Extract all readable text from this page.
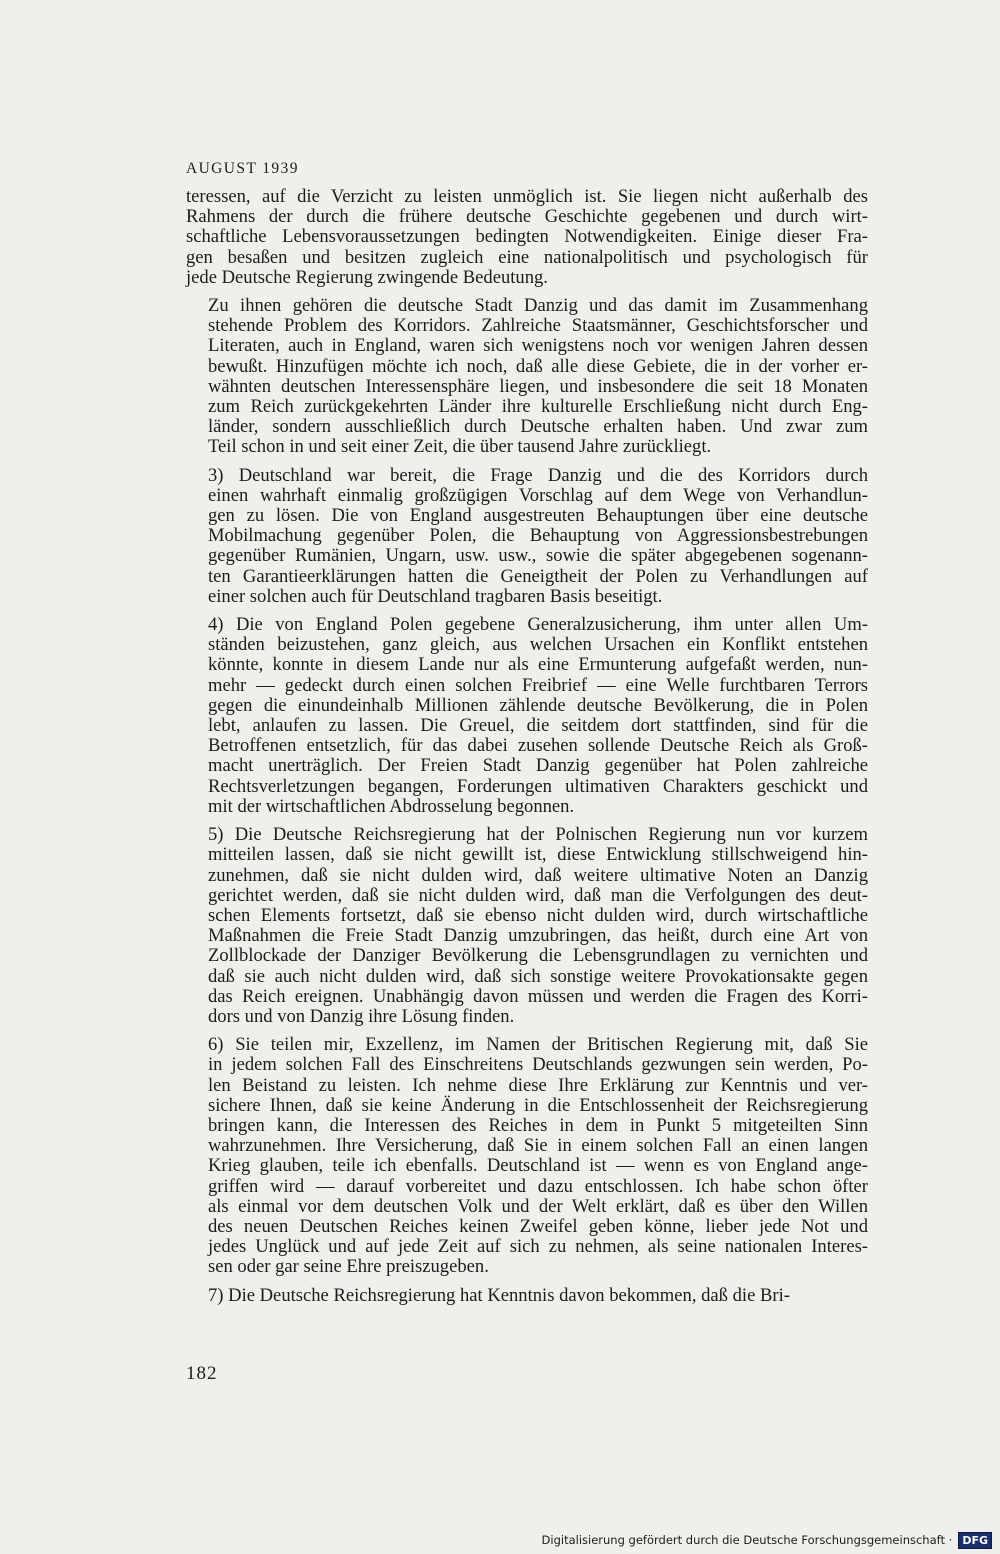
AUGUST 1939

teressen, auf die Verzicht zu leisten unmöglich ist. Sie liegen nicht außerhalb des
Rahmens der durch die frühere deutsche Geschichte gegebenen und durch wirt-
schaftliche Lebensvoraussetzungen bedingten Notwendigkeiten. Einige dieser Fra-
gen besaßen und besitzen zugleich eine nationalpolitisch und psychologisch für
jede Deutsche Regierung zwingende Bedeutung.

Zu ihnen gehören die deutsche Stadt Danzig und das damit im Zusammenhang
stehende Problem des Korridors. Zahlreiche Staatsmänner, Geschichtsforscher und
Literaten, auch in England, waren sich wenigstens noch vor wenigen Jahren dessen
bewußt. Hinzufügen möchte ich noch, daß alle diese Gebiete, die in der vorher er-
wähnten deutschen Interessensphäre liegen, und insbesondere die seit 18 Monaten
zum Reich zurückgekehrten Länder ihre kulturelle Erschließung nicht durch Eng-
länder, sondern ausschließlich durch Deutsche erhalten haben. Und zwar zum
Teil schon in und seit einer Zeit, die über tausend Jahre zurückliegt.

3) Deutschland war bereit, die Frage Danzig und die des Korridors durch
einen wahrhaft einmalig großzügigen Vorschlag auf dem Wege von Verhandlun-
gen zu lösen. Die von England ausgestreuten Behauptungen über eine deutsche
Mobilmachung gegenüber Polen, die Behauptung von Aggressionsbestrebungen
gegenüber Rumänien, Ungarn, usw. usw., sowie die später abgegebenen sogenann-
ten Garantieerklärungen hatten die Geneigtheit der Polen zu Verhandlungen auf
einer solchen auch für Deutschland tragbaren Basis beseitigt.

4) Die von England Polen gegebene Generalzusicherung, ihm unter allen Um-
ständen beizustehen, ganz gleich, aus welchen Ursachen ein Konflikt entstehen
könnte, konnte in diesem Lande nur als eine Ermunterung aufgefaßt werden, nun-
mehr — gedeckt durch einen solchen Freibrief — eine Welle furchtbaren Terrors
gegen die einundeinhalb Millionen zählende deutsche Bevölkerung, die in Polen
lebt, anlaufen zu lassen. Die Greuel, die seitdem dort stattfinden, sind für die
Betroffenen entsetzlich, für das dabei zusehen sollende Deutsche Reich als Groß-
macht unerträglich. Der Freien Stadt Danzig gegenüber hat Polen zahlreiche
Rechtsverletzungen begangen, Forderungen ultimativen Charakters geschickt und
mit der wirtschaftlichen Abdrosselung begonnen.

5) Die Deutsche Reichsregierung hat der Polnischen Regierung nun vor kurzem
mitteilen lassen, daß sie nicht gewillt ist, diese Entwicklung stillschweigend hin-
zunehmen, daß sie nicht dulden wird, daß weitere ultimative Noten an Danzig
gerichtet werden, daß sie nicht dulden wird, daß man die Verfolgungen des deut-
schen Elements fortsetzt, daß sie ebenso nicht dulden wird, durch wirtschaftliche
Maßnahmen die Freie Stadt Danzig umzubringen, das heißt, durch eine Art von
Zollblockade der Danziger Bevölkerung die Lebensgrundlagen zu vernichten und
daß sie auch nicht dulden wird, daß sich sonstige weitere Provokationsakte gegen
das Reich ereignen. Unabhängig davon müssen und werden die Fragen des Korri-
dors und von Danzig ihre Lösung finden.

6) Sie teilen mir, Exzellenz, im Namen der Britischen Regierung mit, daß Sie
in jedem solchen Fall des Einschreitens Deutschlands gezwungen sein werden, Po-
len Beistand zu leisten. Ich nehme diese Ihre Erklärung zur Kenntnis und ver-
sichere Ihnen, daß sie keine Änderung in die Entschlossenheit der Reichsregierung
bringen kann, die Interessen des Reiches in dem in Punkt 5 mitgeteilten Sinn
wahrzunehmen. Ihre Versicherung, daß Sie in einem solchen Fall an einen langen
Krieg glauben, teile ich ebenfalls. Deutschland ist — wenn es von England ange-
griffen wird — darauf vorbereitet und dazu entschlossen. Ich habe schon öfter
als einmal vor dem deutschen Volk und der Welt erklärt, daß es über den Willen
des neuen Deutschen Reiches keinen Zweifel geben könne, lieber jede Not und
jedes Unglück und auf jede Zeit auf sich zu nehmen, als seine nationalen Interes-
sen oder gar seine Ehre preiszugeben.

7) Die Deutsche Reichsregierung hat Kenntnis davon bekommen, daß die Bri-

182
Digitalisierung gefördert durch die Deutsche Forschungsgemeinschaft · DFG
